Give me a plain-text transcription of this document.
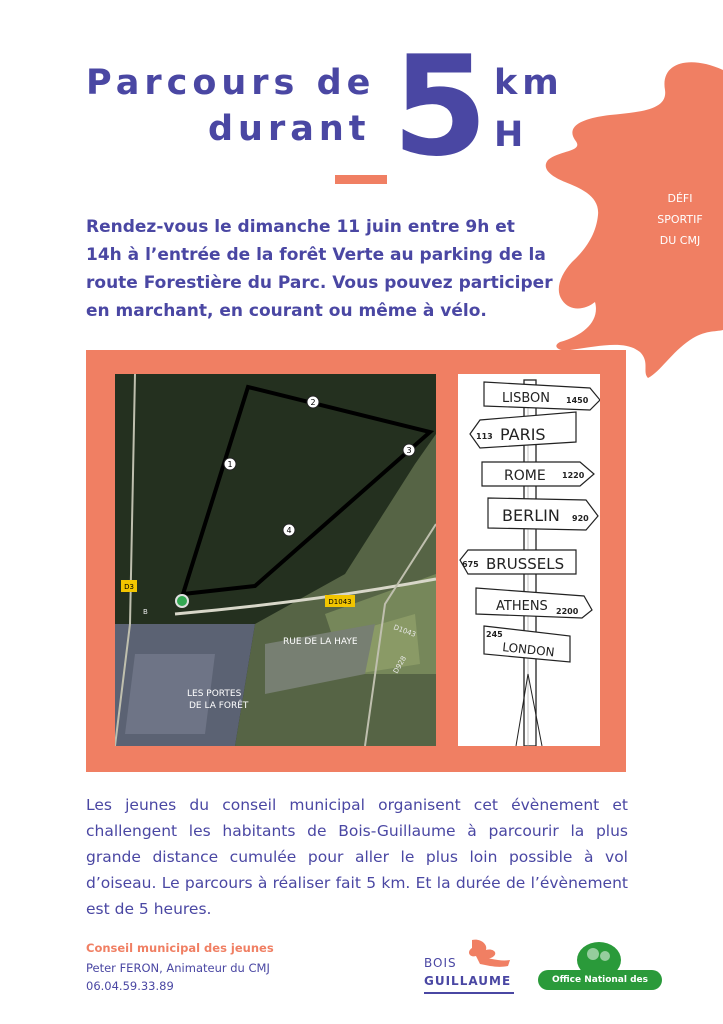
Parcours de
durant 5 km
H
DÉFI
SPORTIF
DU CMJ

Rendez-vous le dimanche 11 juin entre 9h et 14h à l’entrée de la forêt Verte au parking de la route Forestière du Parc. Vous pouvez participer en marchant, en courant ou même à vélo.

1
2
3
4
D3
D1043
D1043
D928
B
RUE DE LA HAYE
LES PORTES
DE LA FORÊT
LISBON 1450
113 PARIS
ROME 1220
BERLIN 920
675 BRUSSELS
ATHENS 2200
245
LONDON

Les jeunes du conseil municipal organisent cet évènement et challengent les habitants de Bois-Guillaume à parcourir la plus grande distance cumulée pour aller le plus loin possible à vol d’oiseau. Le parcours à réaliser fait 5 km. Et la durée de l’évènement est de 5 heures.

Conseil municipal des jeunes
Peter FERON, Animateur du CMJ
06.04.59.33.89
BOIS
GUILLAUME	Office National des Forêts
